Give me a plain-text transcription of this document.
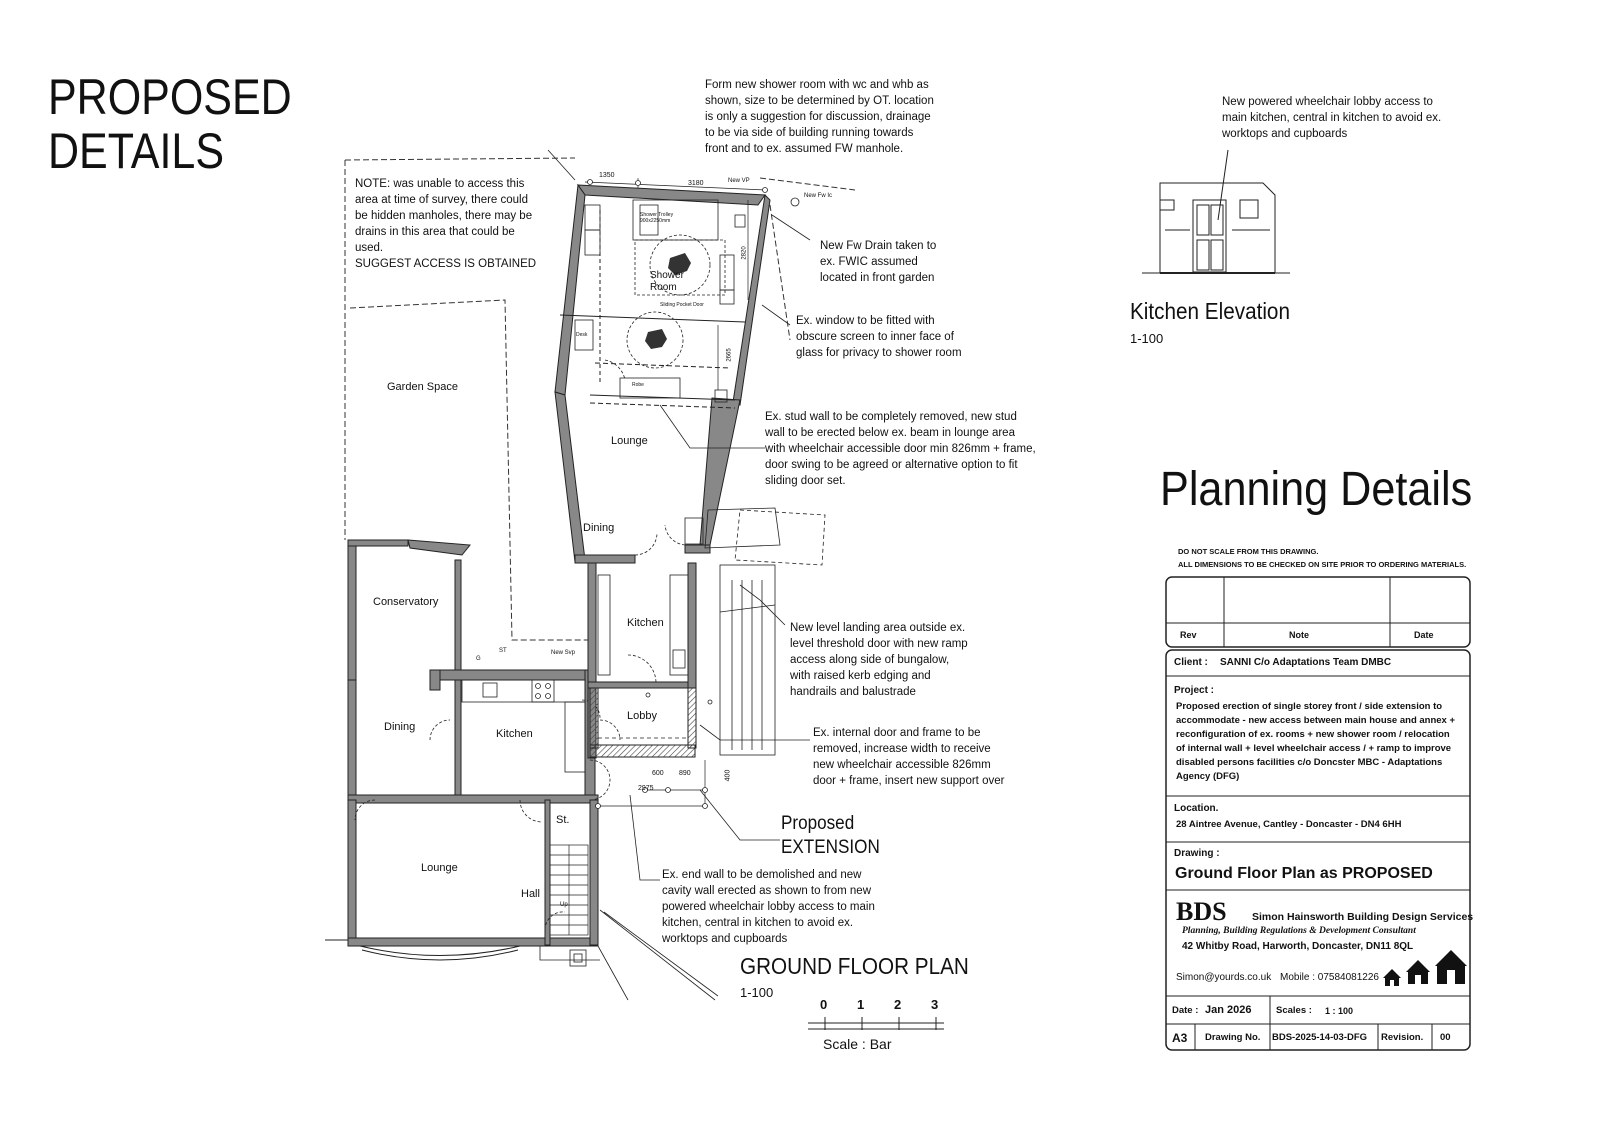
PROPOSED
DETAILS
NOTE: was unable to access this
area at time of survey, there could
be hidden manholes, there may be
drains in this area that could be
used.
SUGGEST ACCESS IS OBTAINED
Form new shower room with wc and whb as
shown, size to be determined by OT. location
is only a suggestion for discussion, drainage
to be via side of building running towards
front and to ex. assumed FW manhole.
New Fw Drain taken to
ex. FWIC assumed
located in front garden
Ex. window to be fitted with
obscure screen to inner face of
glass for privacy to shower room
Ex. stud wall to be completely removed, new stud
wall to be erected below ex. beam in lounge area
with wheelchair accessible door min 826mm + frame,
door swing to be agreed or alternative option to fit
sliding door set.
New level landing area outside ex.
level threshold door with new ramp
access along side of bungalow,
with raised kerb edging and
handrails and balustrade
Ex. internal door and frame to be
removed, increase width to receive
new wheelchair accessible 826mm
door + frame, insert new support over
Ex. end wall to be demolished and new
cavity wall erected as shown to from new
powered wheelchair lobby access to main
kitchen, central in kitchen to avoid ex.
worktops and cupboards
New powered wheelchair lobby access to
main kitchen, central in kitchen to avoid ex.
worktops and cupboards
Garden Space
Conservatory
Dining
Kitchen
Lounge
Hall
St.
Up
Lounge
Dining
Kitchen
Lobby
Shower
Room
1350
3180	New VP
New Fw Ic
New Svp
G
ST
2975
600 890	400
2820
2665
Shower Trolley
900x2250mm
Sliding Pocket Door
Robe
Desk
Proposed
EXTENSION
GROUND FLOOR PLAN
1-100
0 1 2 3
Scale : Bar
Kitchen Elevation
1-100
Planning Details
DO NOT SCALE FROM THIS DRAWING.
ALL DIMENSIONS TO BE CHECKED ON SITE PRIOR TO ORDERING MATERIALS.
Rev	Note	Date
Client : SANNI C/o Adaptations Team DMBC
Project :
Proposed erection of single storey front / side extension to accommodate - new access between main house and annex + reconfiguration of ex. rooms + new shower room / relocation of internal wall + level wheelchair access / + ramp to improve disabled persons facilities c/o Doncster MBC - Adaptations Agency (DFG)
Location.
28 Aintree Avenue, Cantley - Doncaster - DN4 6HH
Drawing :
Ground Floor Plan as PROPOSED
BDS Simon Hainsworth Building Design Services
Planning, Building Regulations & Development Consultant
42 Whitby Road, Harworth, Doncaster, DN11 8QL
Simon@yourds.co.uk Mobile : 07584081226
Date : Jan 2026	Scales : 1 : 100
A3 Drawing No. BDS-2025-14-03-DFG Revision. 00
